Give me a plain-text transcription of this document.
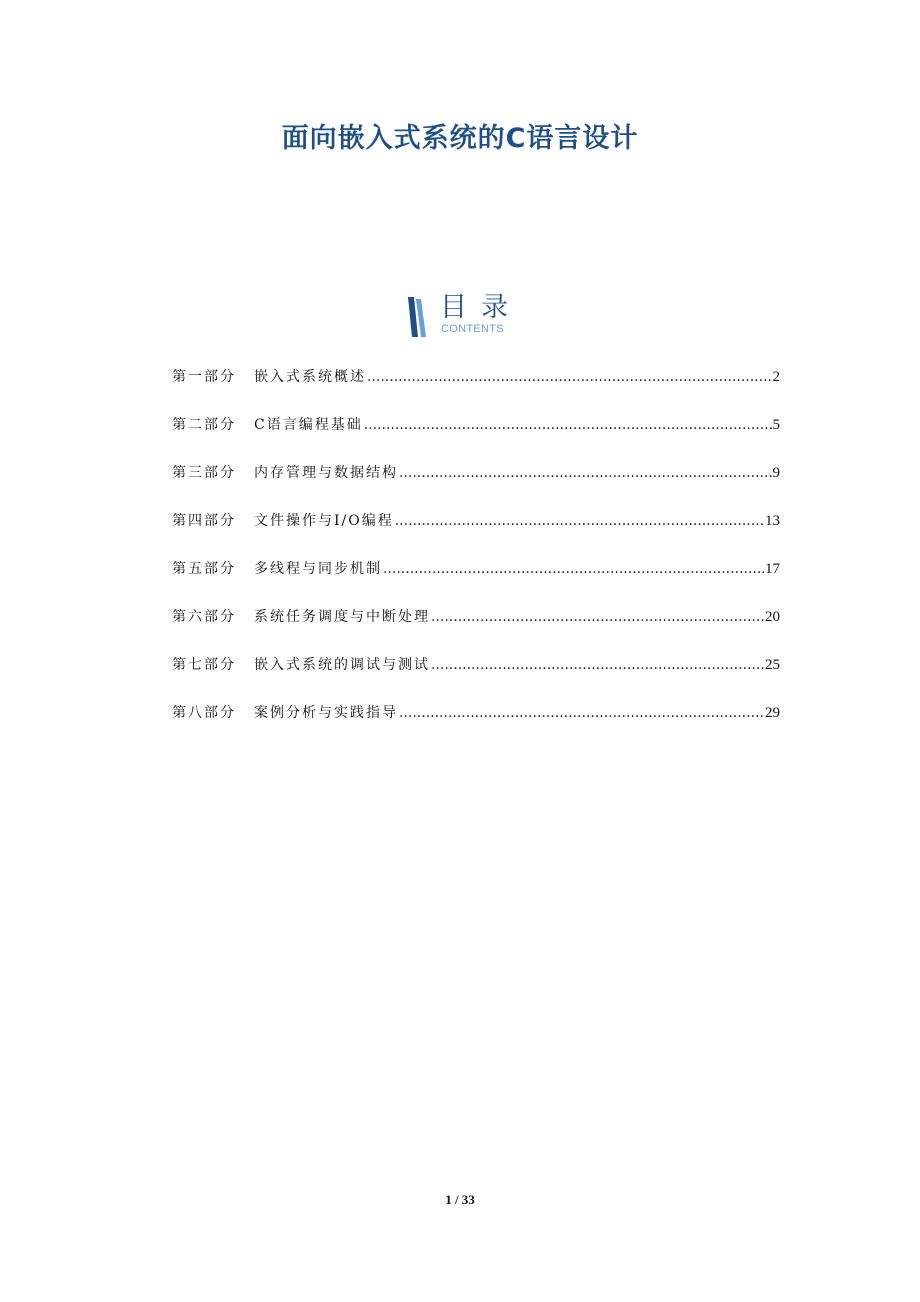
面向嵌入式系统的C语言设计
目录
CONTENTS
第一部分	嵌入式系统概述 .....	2
第二部分	C语言编程基础 .....	5
第三部分	内存管理与数据结构 .....	9
第四部分	文件操作与I/O编程 .....	13
第五部分	多线程与同步机制 .....	17
第六部分	系统任务调度与中断处理 .....	20
第七部分	嵌入式系统的调试与测试 .....	25
第八部分	案例分析与实践指导 .....	29
1 / 33
